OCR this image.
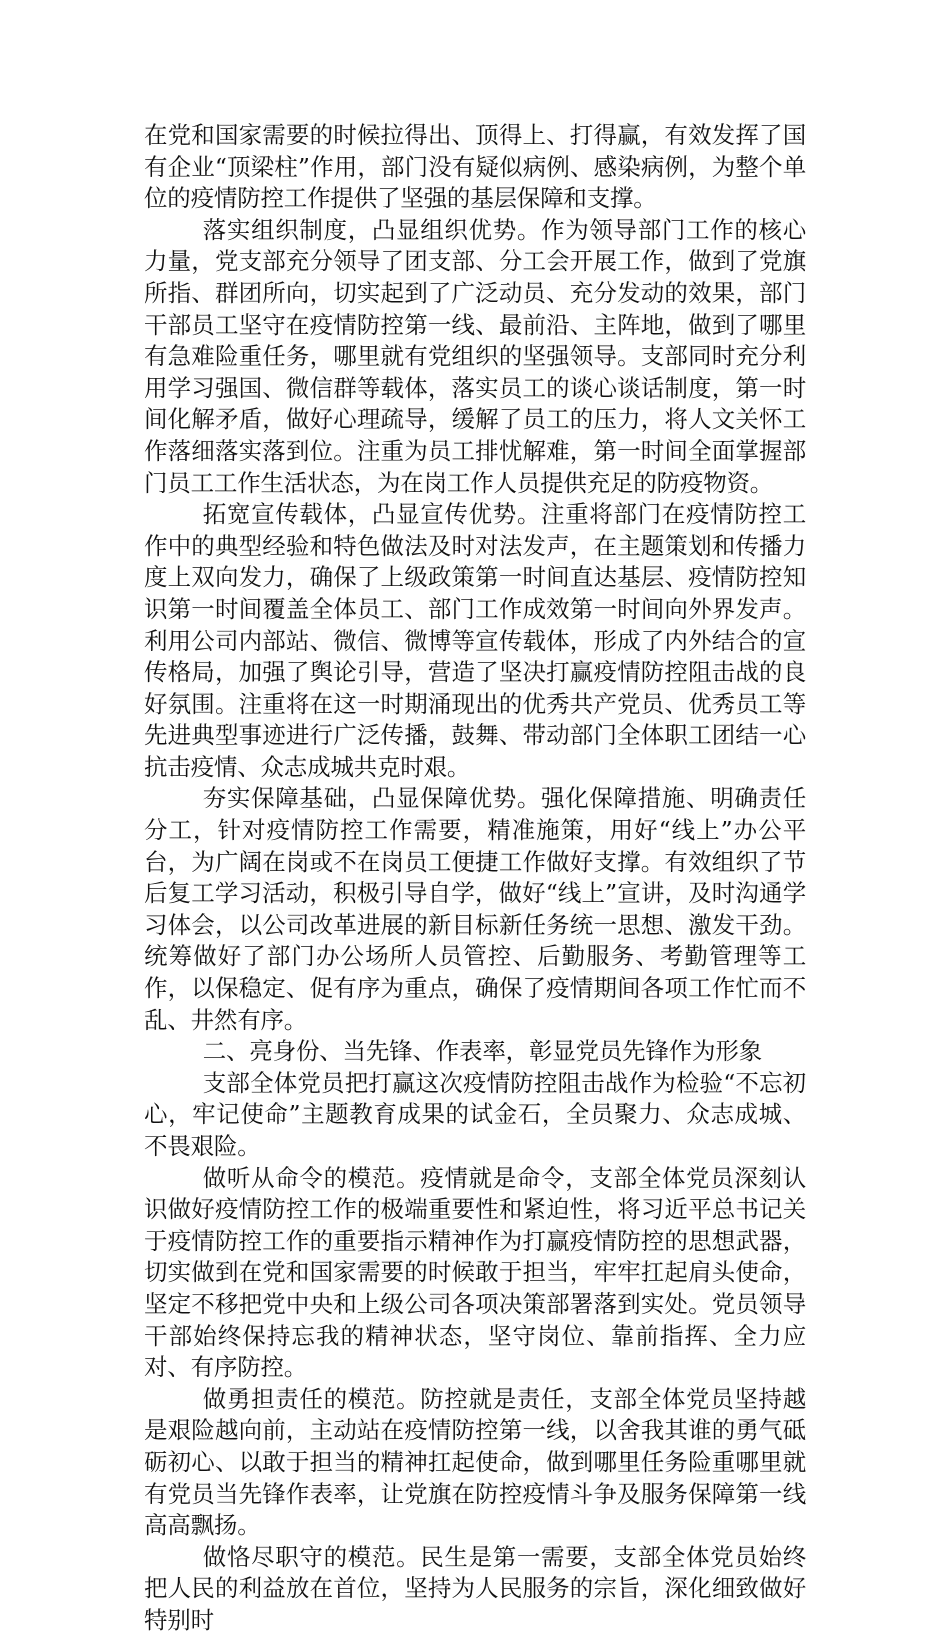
在党和国家需要的时候拉得出、顶得上、打得赢，有效发挥了国有企业“顶梁柱”作用，部门没有疑似病例、感染病例，为整个单位的疫情防控工作提供了坚强的基层保障和支撑。

落实组织制度，凸显组织优势。作为领导部门工作的核心力量，党支部充分领导了团支部、分工会开展工作，做到了党旗所指、群团所向，切实起到了广泛动员、充分发动的效果，部门干部员工坚守在疫情防控第一线、最前沿、主阵地，做到了哪里有急难险重任务，哪里就有党组织的坚强领导。支部同时充分利用学习强国、微信群等载体，落实员工的谈心谈话制度，第一时间化解矛盾，做好心理疏导，缓解了员工的压力，将人文关怀工作落细落实落到位。注重为员工排忧解难，第一时间全面掌握部门员工工作生活状态，为在岗工作人员提供充足的防疫物资。

拓宽宣传载体，凸显宣传优势。注重将部门在疫情防控工作中的典型经验和特色做法及时对法发声，在主题策划和传播力度上双向发力，确保了上级政策第一时间直达基层、疫情防控知识第一时间覆盖全体员工、部门工作成效第一时间向外界发声。利用公司内部站、微信、微博等宣传载体，形成了内外结合的宣传格局，加强了舆论引导，营造了坚决打赢疫情防控阻击战的良好氛围。注重将在这一时期涌现出的优秀共产党员、优秀员工等先进典型事迹进行广泛传播，鼓舞、带动部门全体职工团结一心抗击疫情、众志成城共克时艰。

夯实保障基础，凸显保障优势。强化保障措施、明确责任分工，针对疫情防控工作需要，精准施策，用好“线上”办公平台，为广阔在岗或不在岗员工便捷工作做好支撑。有效组织了节后复工学习活动，积极引导自学，做好“线上”宣讲，及时沟通学习体会，以公司改革进展的新目标新任务统一思想、激发干劲。统筹做好了部门办公场所人员管控、后勤服务、考勤管理等工作，以保稳定、促有序为重点，确保了疫情期间各项工作忙而不乱、井然有序。

二、亮身份、当先锋、作表率，彰显党员先锋作为形象

支部全体党员把打赢这次疫情防控阻击战作为检验“不忘初心，牢记使命”主题教育成果的试金石，全员聚力、众志成城、不畏艰险。

做听从命令的模范。疫情就是命令，支部全体党员深刻认识做好疫情防控工作的极端重要性和紧迫性，将习近平总书记关于疫情防控工作的重要指示精神作为打赢疫情防控的思想武器，切实做到在党和国家需要的时候敢于担当，牢牢扛起肩头使命，坚定不移把党中央和上级公司各项决策部署落到实处。党员领导干部始终保持忘我的精神状态，坚守岗位、靠前指挥、全力应对、有序防控。

做勇担责任的模范。防控就是责任，支部全体党员坚持越是艰险越向前，主动站在疫情防控第一线，以舍我其谁的勇气砥砺初心、以敢于担当的精神扛起使命，做到哪里任务险重哪里就有党员当先锋作表率，让党旗在防控疫情斗争及服务保障第一线高高飘扬。

做恪尽职守的模范。民生是第一需要，支部全体党员始终把人民的利益放在首位，坚持为人民服务的宗旨，深化细致做好特别时
